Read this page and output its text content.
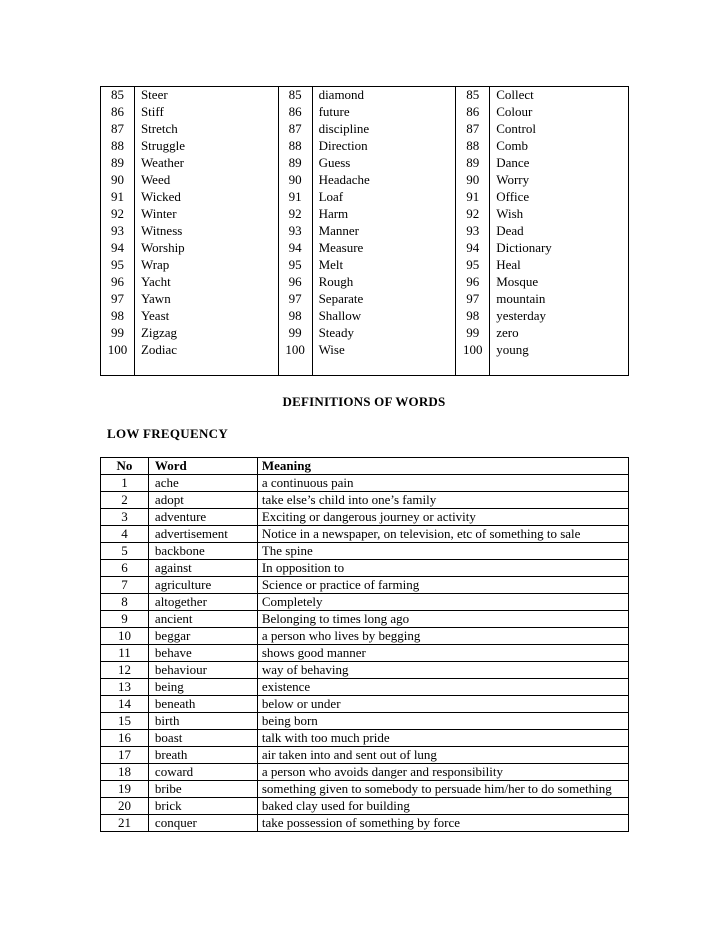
85	Steer	85	diamond	85	Collect
86	Stiff	86	future	86	Colour
87	Stretch	87	discipline	87	Control
88	Struggle	88	Direction	88	Comb
89	Weather	89	Guess	89	Dance
90	Weed	90	Headache	90	Worry
91	Wicked	91	Loaf	91	Office
92	Winter	92	Harm	92	Wish
93	Witness	93	Manner	93	Dead
94	Worship	94	Measure	94	Dictionary
95	Wrap	95	Melt	95	Heal
96	Yacht	96	Rough	96	Mosque
97	Yawn	97	Separate	97	mountain
98	Yeast	98	Shallow	98	yesterday
99	Zigzag	99	Steady	99	zero
100	Zodiac	100	Wise	100	young
DEFINITIONS OF WORDS
LOW FREQUENCY
No	Word	Meaning
1	ache	a continuous pain
2	adopt	take else’s child into one’s family
3	adventure	Exciting or dangerous journey or activity
4	advertisement	Notice in a newspaper, on television, etc of something to sale
5	backbone	The spine
6	against	In opposition to
7	agriculture	Science or practice of farming
8	altogether	Completely
9	ancient	Belonging to times long ago
10	beggar	a person who lives by begging
11	behave	shows good manner
12	behaviour	way of behaving
13	being	existence
14	beneath	below or under
15	birth	being born
16	boast	talk with too much pride
17	breath	air taken into and sent out of lung
18	coward	a person who avoids danger and responsibility
19	bribe	something given to somebody to persuade him/her to do something
20	brick	baked clay used for building
21	conquer	take possession of something by force
